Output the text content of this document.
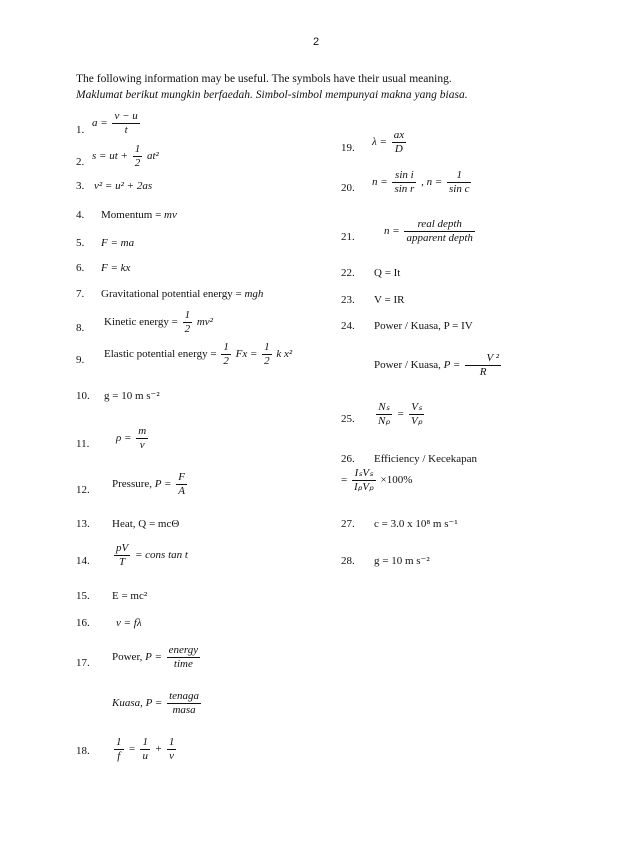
2
The following information may be useful. The symbols have their usual meaning.
Maklumat berikut mungkin berfaedah. Simbol-simbol mempunyai makna yang biasa.
1.
$a = \frac{v - u}{t}$
2. s = ut + $\frac{1}{2} at^2$
3. v² = u² + 2as
4. Momentum = mv
5. F = ma
6. F = kx
7. Gravitational potential energy = mgh
8. Kinetic energy = $\frac{1}{2} mv^2$
9. Elastic potential energy = $\frac{1}{2}$ $Fx = \frac{1}{2}$ k x²
10. g = 10 m s⁻²
11. $\rho = \frac{m}{v}$
12. Pressure, $P = \frac{F}{A}$
13. Heat, Q = mcΘ
14. $\frac{pV}{T}$ = cons tan t
15. E = mc²
16. v = fλ
17. Power, $P = \frac{\text{energy}}{\text{time}}$
Kuasa, $P = \frac{\text{tenaga}}{\text{masa}}$
18. $\frac{1}{f} = \frac{1}{u} + \frac{1}{v}$
19. $\lambda = \frac{ax}{D}$
20. $n = \frac{\text{sin i}}{\text{sin r}}$ , $n = \frac{1}{\text{sin c}}$
21.	$n = \frac{\text{real depth}}{\text{apparent depth}}$
22. Q = It
23. V = IR
24. Power / Kuasa, P = IV
Power / Kuasa, $P = \frac{\text{V ²}}{R}$
25. $\frac{\text{Nₛ}}{\text{Nₚ}} = \frac{\text{Vₛ}}{\text{Vₚ}}$
26. Efficiency / Kecekapan
= $\frac{\text{IₛVₛ}}{\text{IₚVₚ}} \times 100\%$
27. c = 3.0 x 10⁸ m s⁻¹
28. g = 10 m s⁻²
